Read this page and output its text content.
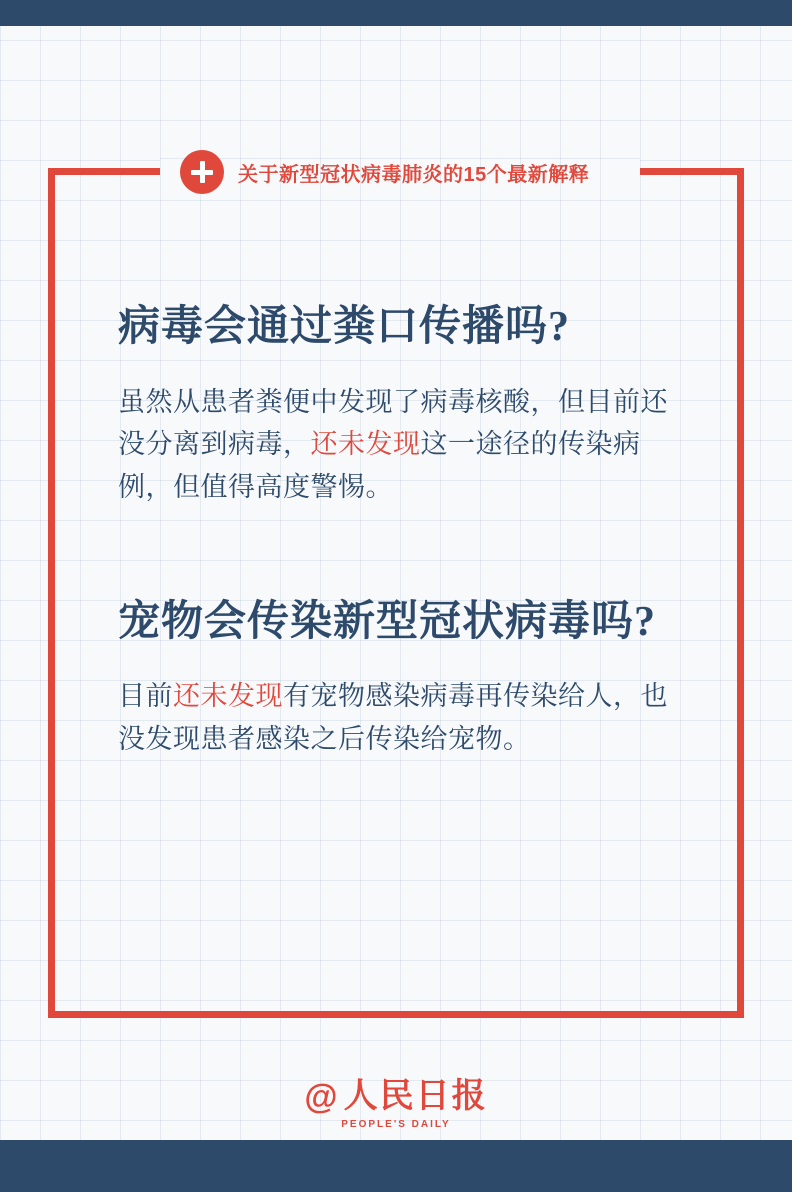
关于新型冠状病毒肺炎的15个最新解释
病毒会通过粪口传播吗?

虽然从患者粪便中发现了病毒核酸，但目前还没分离到病毒，还未发现这一途径的传染病例，但值得高度警惕。

宠物会传染新型冠状病毒吗?

目前还未发现有宠物感染病毒再传染给人，也没发现患者感染之后传染给宠物。

@ 人民日报
PEOPLE'S DAILY
